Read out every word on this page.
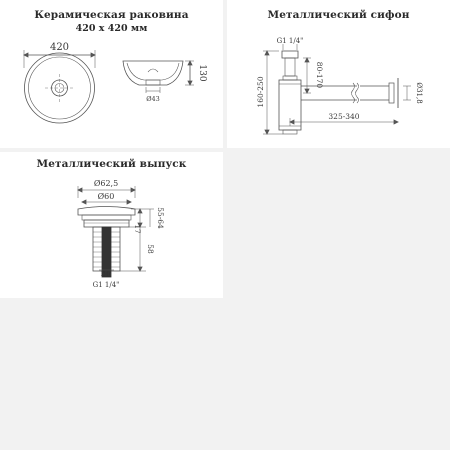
Керамическая раковина
420 x 420 мм
420
130
Ø43
Металлический сифон
G1 1/4"
80-170
160-250
325-340
Ø31,8
Металлический выпуск
Ø62,5
Ø60
17
55-64
58
M6
G1 1/4"
